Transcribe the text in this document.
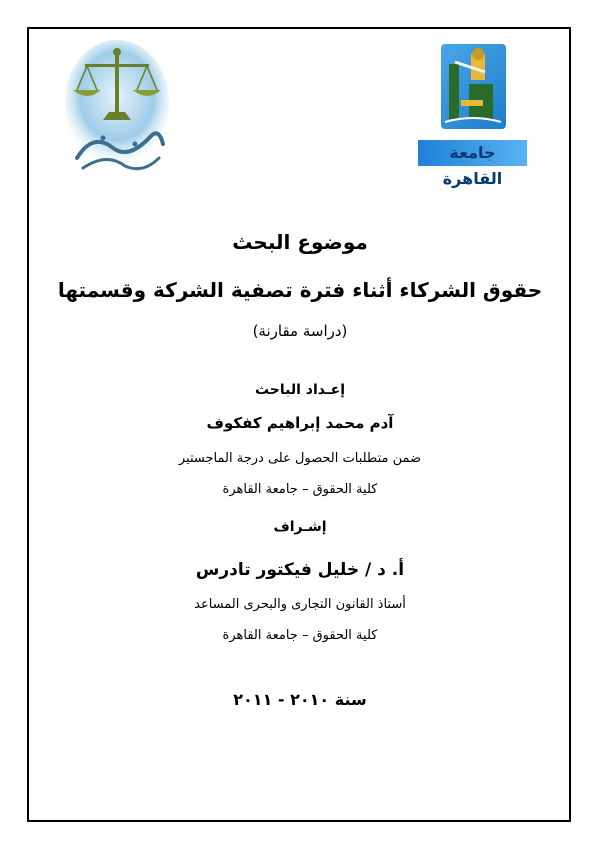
جامعة القاهرة
موضوع البحث
حقوق الشركاء أثناء فترة تصفية الشركة وقسمتها
(دراسة مقارنة)
إعـداد الباحث
آدم محمد إبراهيم كفكوف
ضمن متطلبات الحصول على درجة الماجستير
كلية الحقوق – جامعة القاهرة
إشـراف
أ. د / خليل فيكتور تادرس
أستاذ القانون التجارى والبحرى المساعد
كلية الحقوق – جامعة القاهرة
سنة ٢٠١٠ - ٢٠١١
